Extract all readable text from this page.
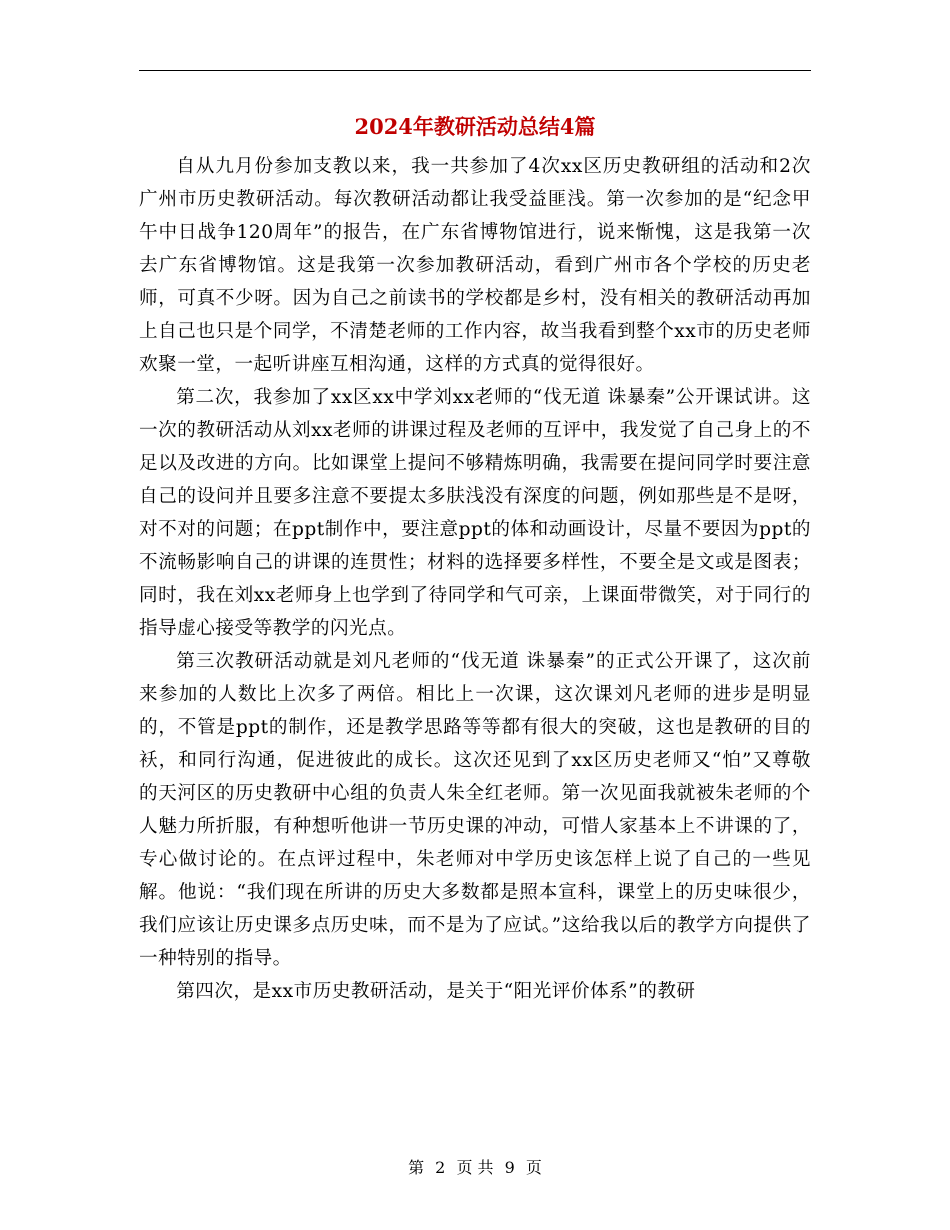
2024年教研活动总结4篇

自从九月份参加支教以来，我一共参加了4次xx区历史教研组的活动和2次广州市历史教研活动。每次教研活动都让我受益匪浅。第一次参加的是“纪念甲午中日战争120周年”的报告，在广东省博物馆进行，说来惭愧，这是我第一次去广东省博物馆。这是我第一次参加教研活动，看到广州市各个学校的历史老师，可真不少呀。因为自己之前读书的学校都是乡村，没有相关的教研活动再加上自己也只是个同学，不清楚老师的工作内容，故当我看到整个xx市的历史老师欢聚一堂，一起听讲座互相沟通，这样的方式真的觉得很好。

第二次，我参加了xx区xx中学刘xx老师的“伐无道 诛暴秦”公开课试讲。这一次的教研活动从刘xx老师的讲课过程及老师的互评中，我发觉了自己身上的不足以及改进的方向。比如课堂上提问不够精炼明确，我需要在提问同学时要注意自己的设问并且要多注意不要提太多肤浅没有深度的问题，例如那些是不是呀，对不对的问题；在ppt制作中，要注意ppt的体和动画设计，尽量不要因为ppt的不流畅影响自己的讲课的连贯性；材料的选择要多样性，不要全是文或是图表；同时，我在刘xx老师身上也学到了待同学和气可亲，上课面带微笑，对于同行的指导虚心接受等教学的闪光点。

第三次教研活动就是刘凡老师的“伐无道 诛暴秦”的正式公开课了，这次前来参加的人数比上次多了两倍。相比上一次课，这次课刘凡老师的进步是明显的，不管是ppt的制作，还是教学思路等等都有很大的突破，这也是教研的目的袄，和同行沟通，促进彼此的成长。这次还见到了xx区历史老师又“怕”又尊敬的天河区的历史教研中心组的负责人朱全红老师。第一次见面我就被朱老师的个人魅力所折服，有种想听他讲一节历史课的冲动，可惜人家基本上不讲课的了，专心做讨论的。在点评过程中，朱老师对中学历史该怎样上说了自己的一些见解。他说：“我们现在所讲的历史大多数都是照本宣科，课堂上的历史味很少，我们应该让历史课多点历史味，而不是为了应试。”这给我以后的教学方向提供了一种特别的指导。

第四次，是xx市历史教研活动，是关于“阳光评价体系”的教研

第 2 页 共 9 页
